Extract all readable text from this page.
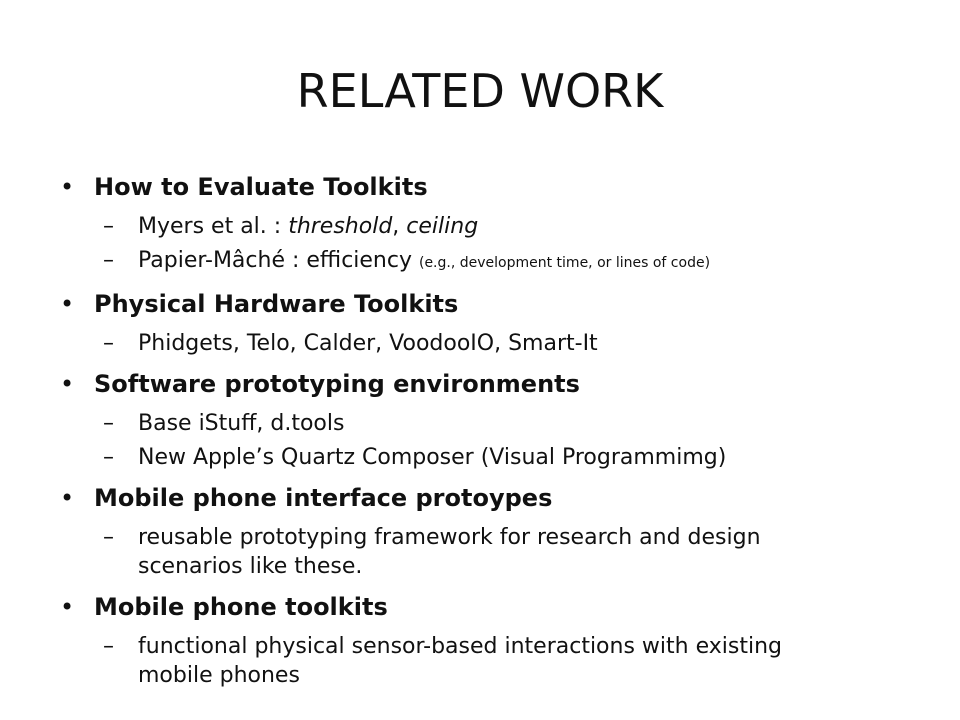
RELATED WORK
• How to Evaluate Toolkits
– Myers et al. : threshold, ceiling
– Papier-Mâché : efficiency (e.g., development time, or lines of code)
• Physical Hardware Toolkits
– Phidgets, Telo, Calder, VoodooIO, Smart-It
• Software prototyping environments
– Base iStuff, d.tools
– New Apple’s Quartz Composer (Visual Programmimg)
• Mobile phone interface protoypes
– reusable prototyping framework for research and design
scenarios like these.
• Mobile phone toolkits
– functional physical sensor-based interactions with existing
mobile phones
